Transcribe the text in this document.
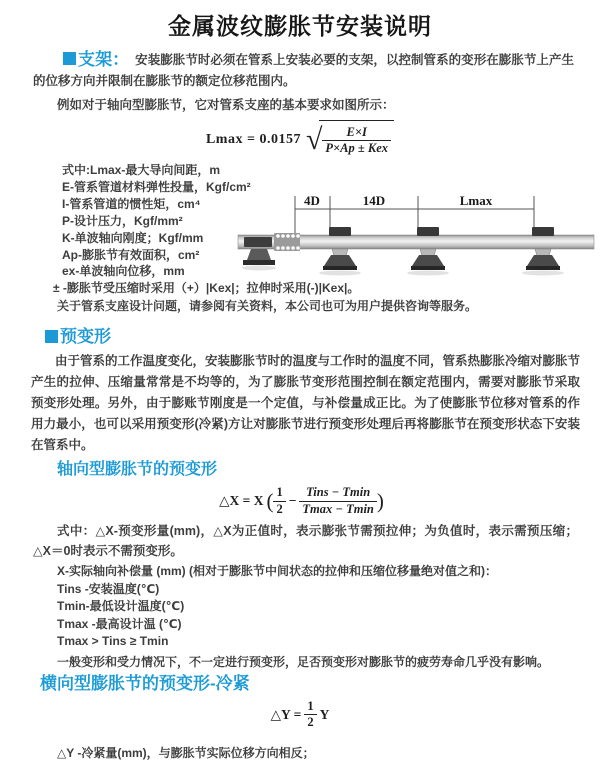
金属波纹膨胀节安装说明

支架： 安装膨胀节时必须在管系上安装必要的支架，以控制管系的变形在膨胀节上产生的位移方向并限制在膨胀节的额定位移范围内。

例如对于轴向型膨胀节，它对管系支座的基本要求如图所示：

Lmax = 0.0157 √ $\frac{E\times I}{\text{P×Ap ± Kex}}$
式中:Lmax-最大导向间距，m
E-管系管道材料弹性投量，Kgf/cm²
I-管系管道的惯性矩，cm⁴
P-设计压力，Kgf/mm²
K-单波轴向刚度；Kgf/mm
Ap-膨胀节有效面积，cm²
ex-单波轴向位移，mm
± -膨胀节受压缩时采用（+）|Kex|；拉伸时采用(-)|Kex|。

关于管系支座设计问题，请参阅有关资料，本公司也可为用户提供咨询等服务。

4D	14D	Lmax
预变形

由于管系的工作温度变化，安装膨胀节时的温度与工作时的温度不同，管系热膨胀冷缩对膨胀节产生的拉伸、压缩量常常是不均等的，为了膨胀节变形范围控制在额定范围内，需要对膨胀节采取预变形处理。另外，由于膨账节刚度是一个定值，与补偿量成正比。为了使膨胀节位移对管系的作用力最小，也可以采用预变形(冷紧)方让对膨胀节进行预变形处理后再将膨胀节在预变形状态下安装在管系中。

轴向型膨胀节的预变形
△X = X ( $\frac{1}{2} - \frac{\text{Tins − Tmin}}{Tmax - Tmin}$ )

式中：△X-预变形量(mm)，△X为正值时，表示膨张节需预拉伸；为负值时，表示需预压缩；△X＝0时表示不需预变形。

X-实际轴向补偿量 (mm) (相对于膨胀节中间状态的拉伸和压缩位移量绝对值之和)：
Tins -安装温度(℃)
Tmin-最低设计温度(℃)
Tmax -最高设计温 (℃)
Tmax > Tins ≥ Tmin

一般变形和受力情况下，不一定进行预变形，足否预变形对膨胀节的疲劳寿命几乎没有影响。

横向型膨胀节的预变形-冷紧
△Y = $\frac{1}{2}$ Y

△Y -冷紧量(mm)，与膨胀节实际位移方向相反；
